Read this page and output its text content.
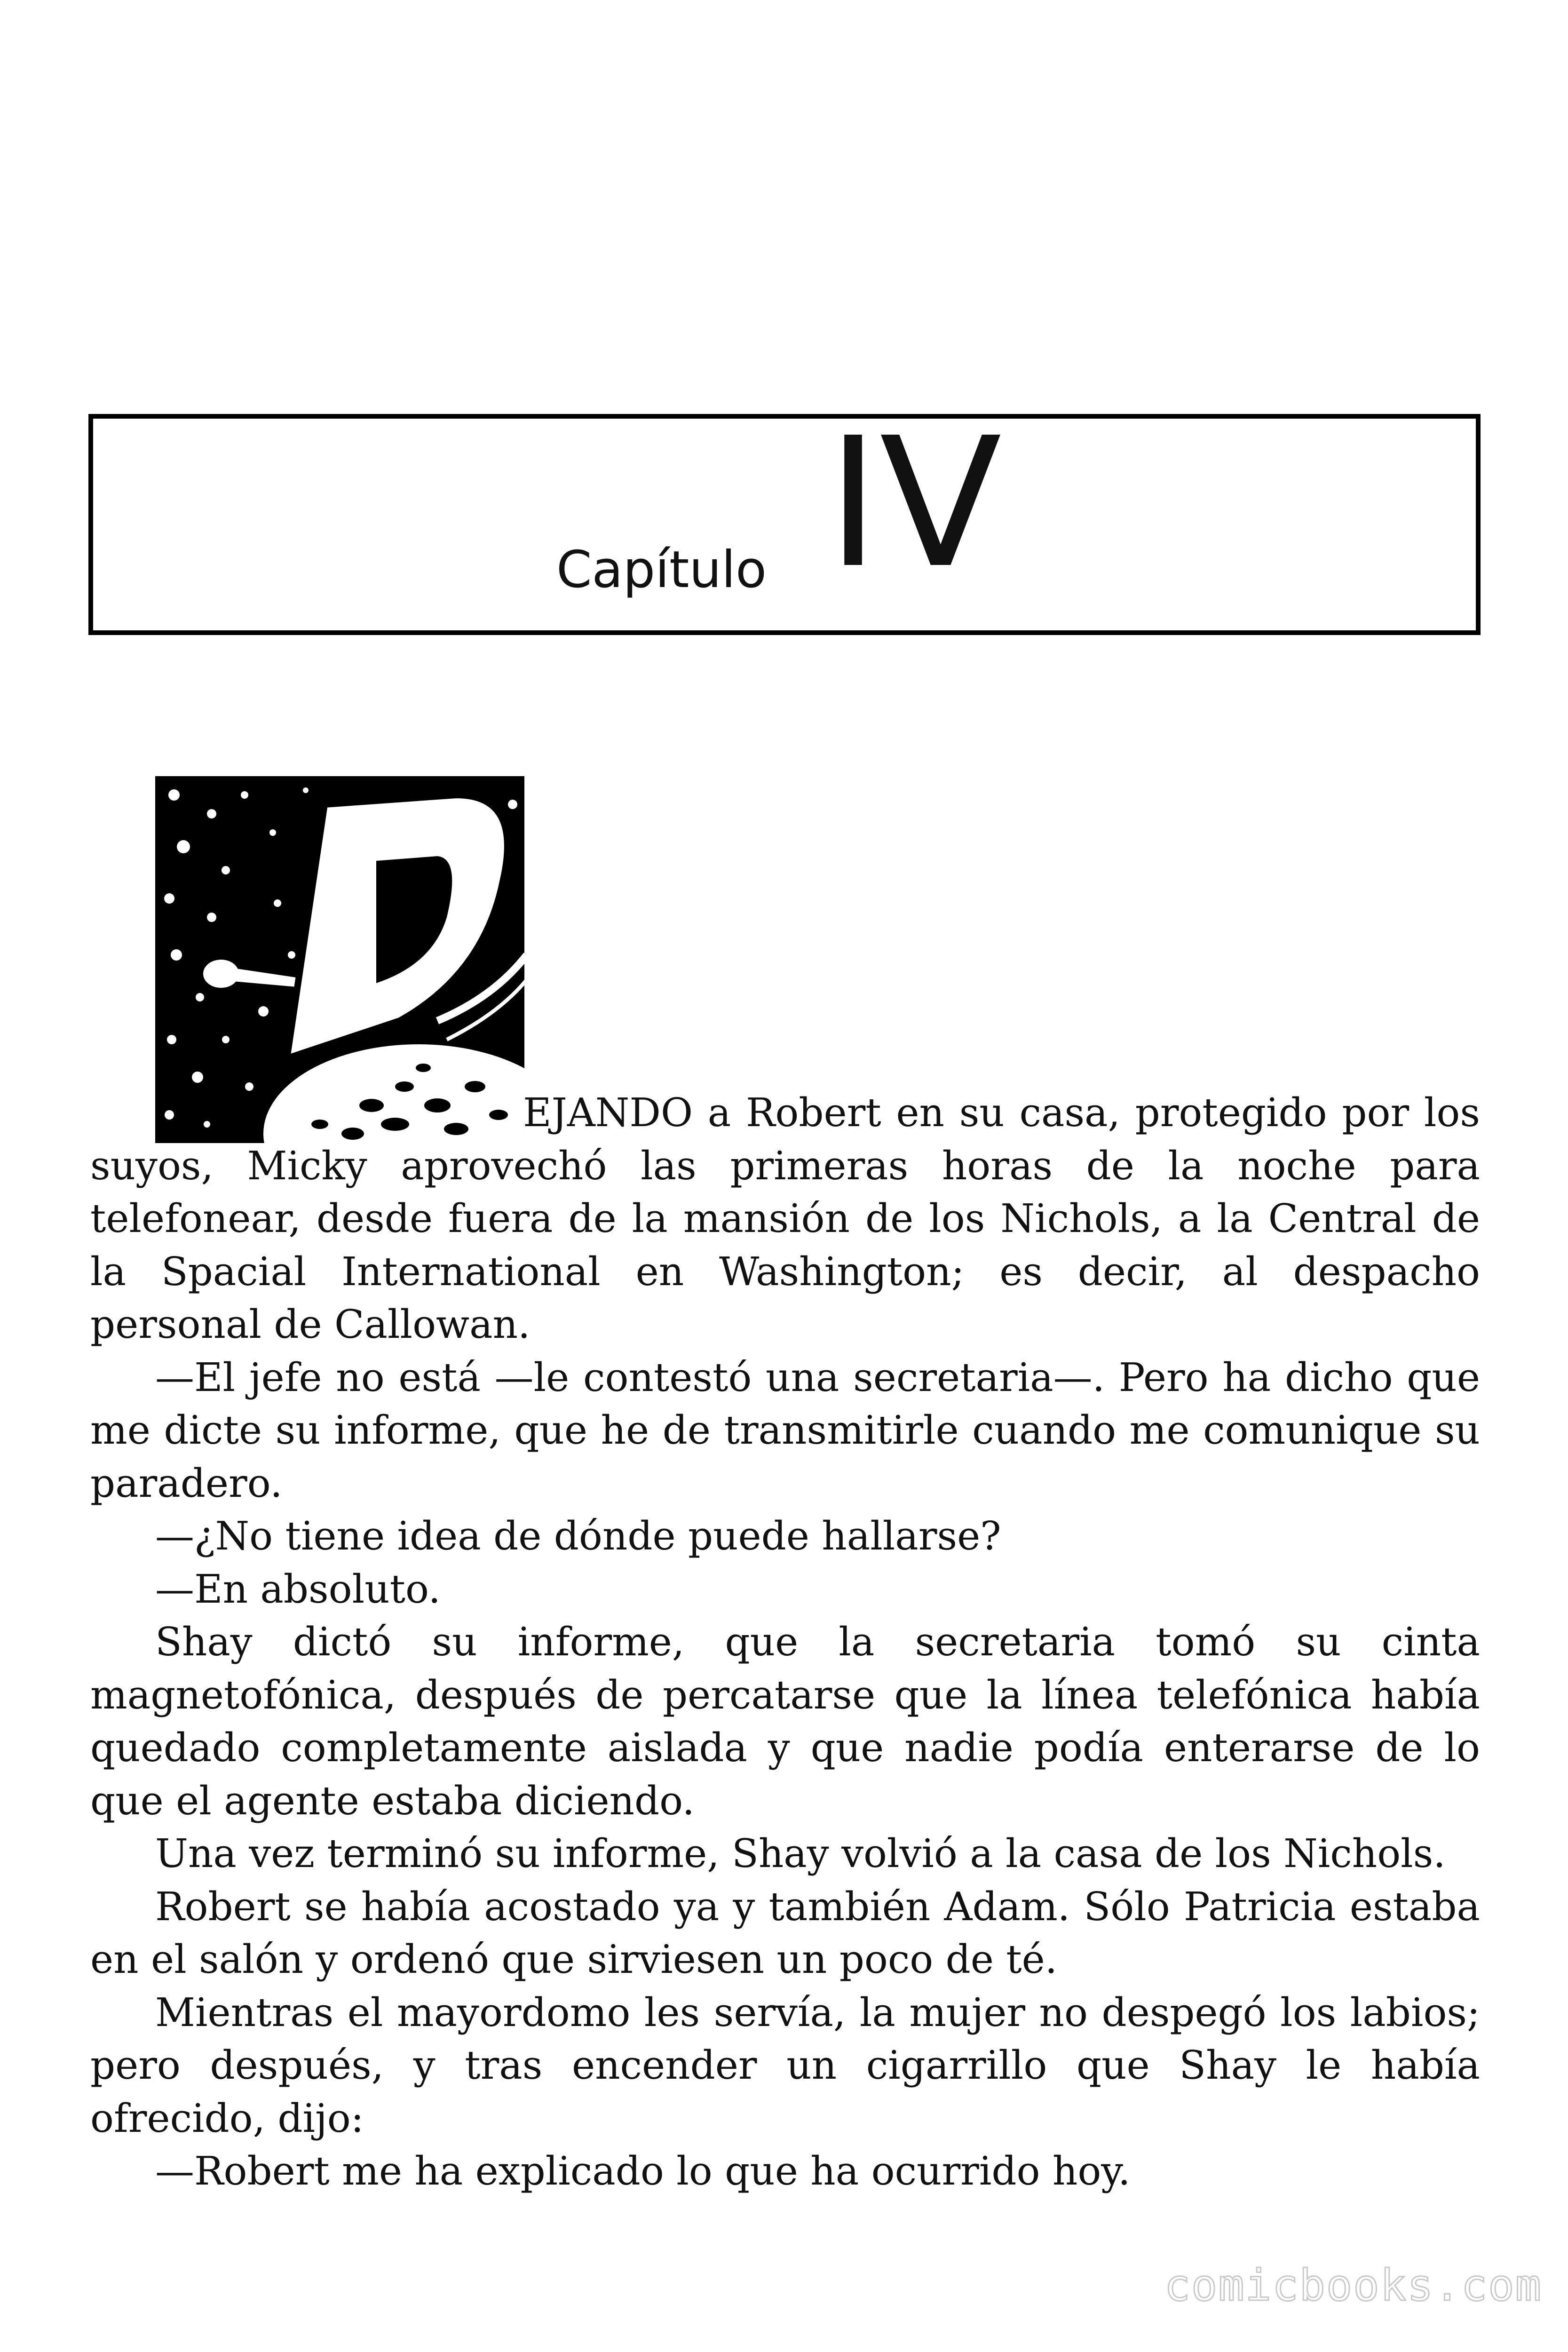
Capítulo IV

EJANDO a Robert en su casa, protegido por los suyos, Micky aprovechó las primeras horas de la noche para telefonear, desde fuera de la mansión de los Nichols, a la Central de la Spacial International en Washington; es decir, al despacho personal de Callowan.

—El jefe no está —le contestó una secretaria—. Pero ha dicho que me dicte su informe, que he de transmitirle cuando me comunique su paradero.

—¿No tiene idea de dónde puede hallarse?

—En absoluto.

Shay dictó su informe, que la secretaria tomó su cinta magnetofónica, después de percatarse que la línea telefónica había quedado completamente aislada y que nadie podía enterarse de lo que el agente estaba diciendo.

Una vez terminó su informe, Shay volvió a la casa de los Nichols.

Robert se había acostado ya y también Adam. Sólo Patricia estaba en el salón y ordenó que sirviesen un poco de té.

Mientras el mayordomo les servía, la mujer no despegó los labios; pero después, y tras encender un cigarrillo que Shay le había ofrecido, dijo:

—Robert me ha explicado lo que ha ocurrido hoy.

comicbooks.com
